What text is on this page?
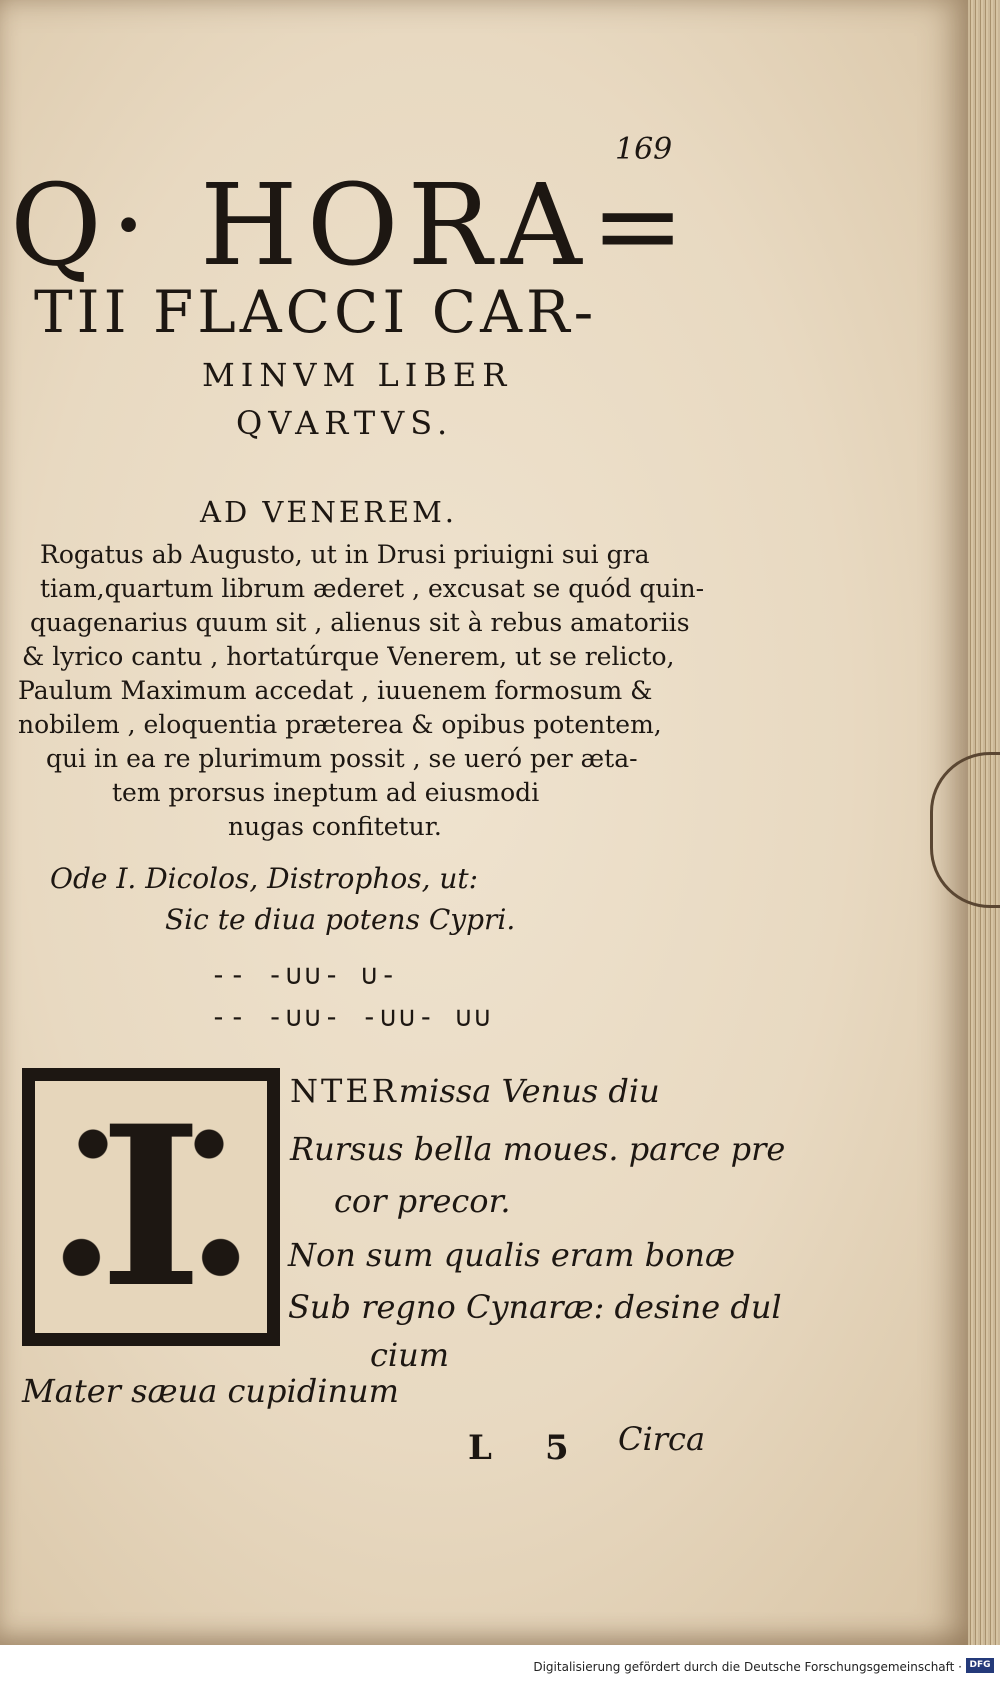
169
Q· HORA=
TII FLACCI CAR-
MINVM LIBER
QVARTVS.
AD VENEREM.
Rogatus ab Augusto, ut in Drusi priuigni sui gra
tiam,quartum librum æderet , excusat se quód quin-
quagenarius quum sit , alienus sit à rebus amatoriis
& lyrico cantu , hortatúrque Venerem, ut se relicto,
Paulum Maximum accedat , iuuenem formosum &
nobilem , eloquentia præterea & opibus potentem,
qui in ea re plurimum possit , se ueró per æta-
tem prorsus ineptum ad eiusmodi
nugas confitetur.
Ode I. Dicolos, Distrophos, ut:
Sic te diua potens Cypri.
-- -∪∪- ∪-
-- -∪∪- -∪∪- ∪∪
I	NTERmissa Venus diu
Rursus bella moues. parce pre
cor precor.
Non sum qualis eram bonæ
Sub regno Cynaræ: desine dul
cium
Mater sæua cupidinum
L 5 Circa
Digitalisierung gefördert durch die Deutsche Forschungsgemeinschaft · DFG
